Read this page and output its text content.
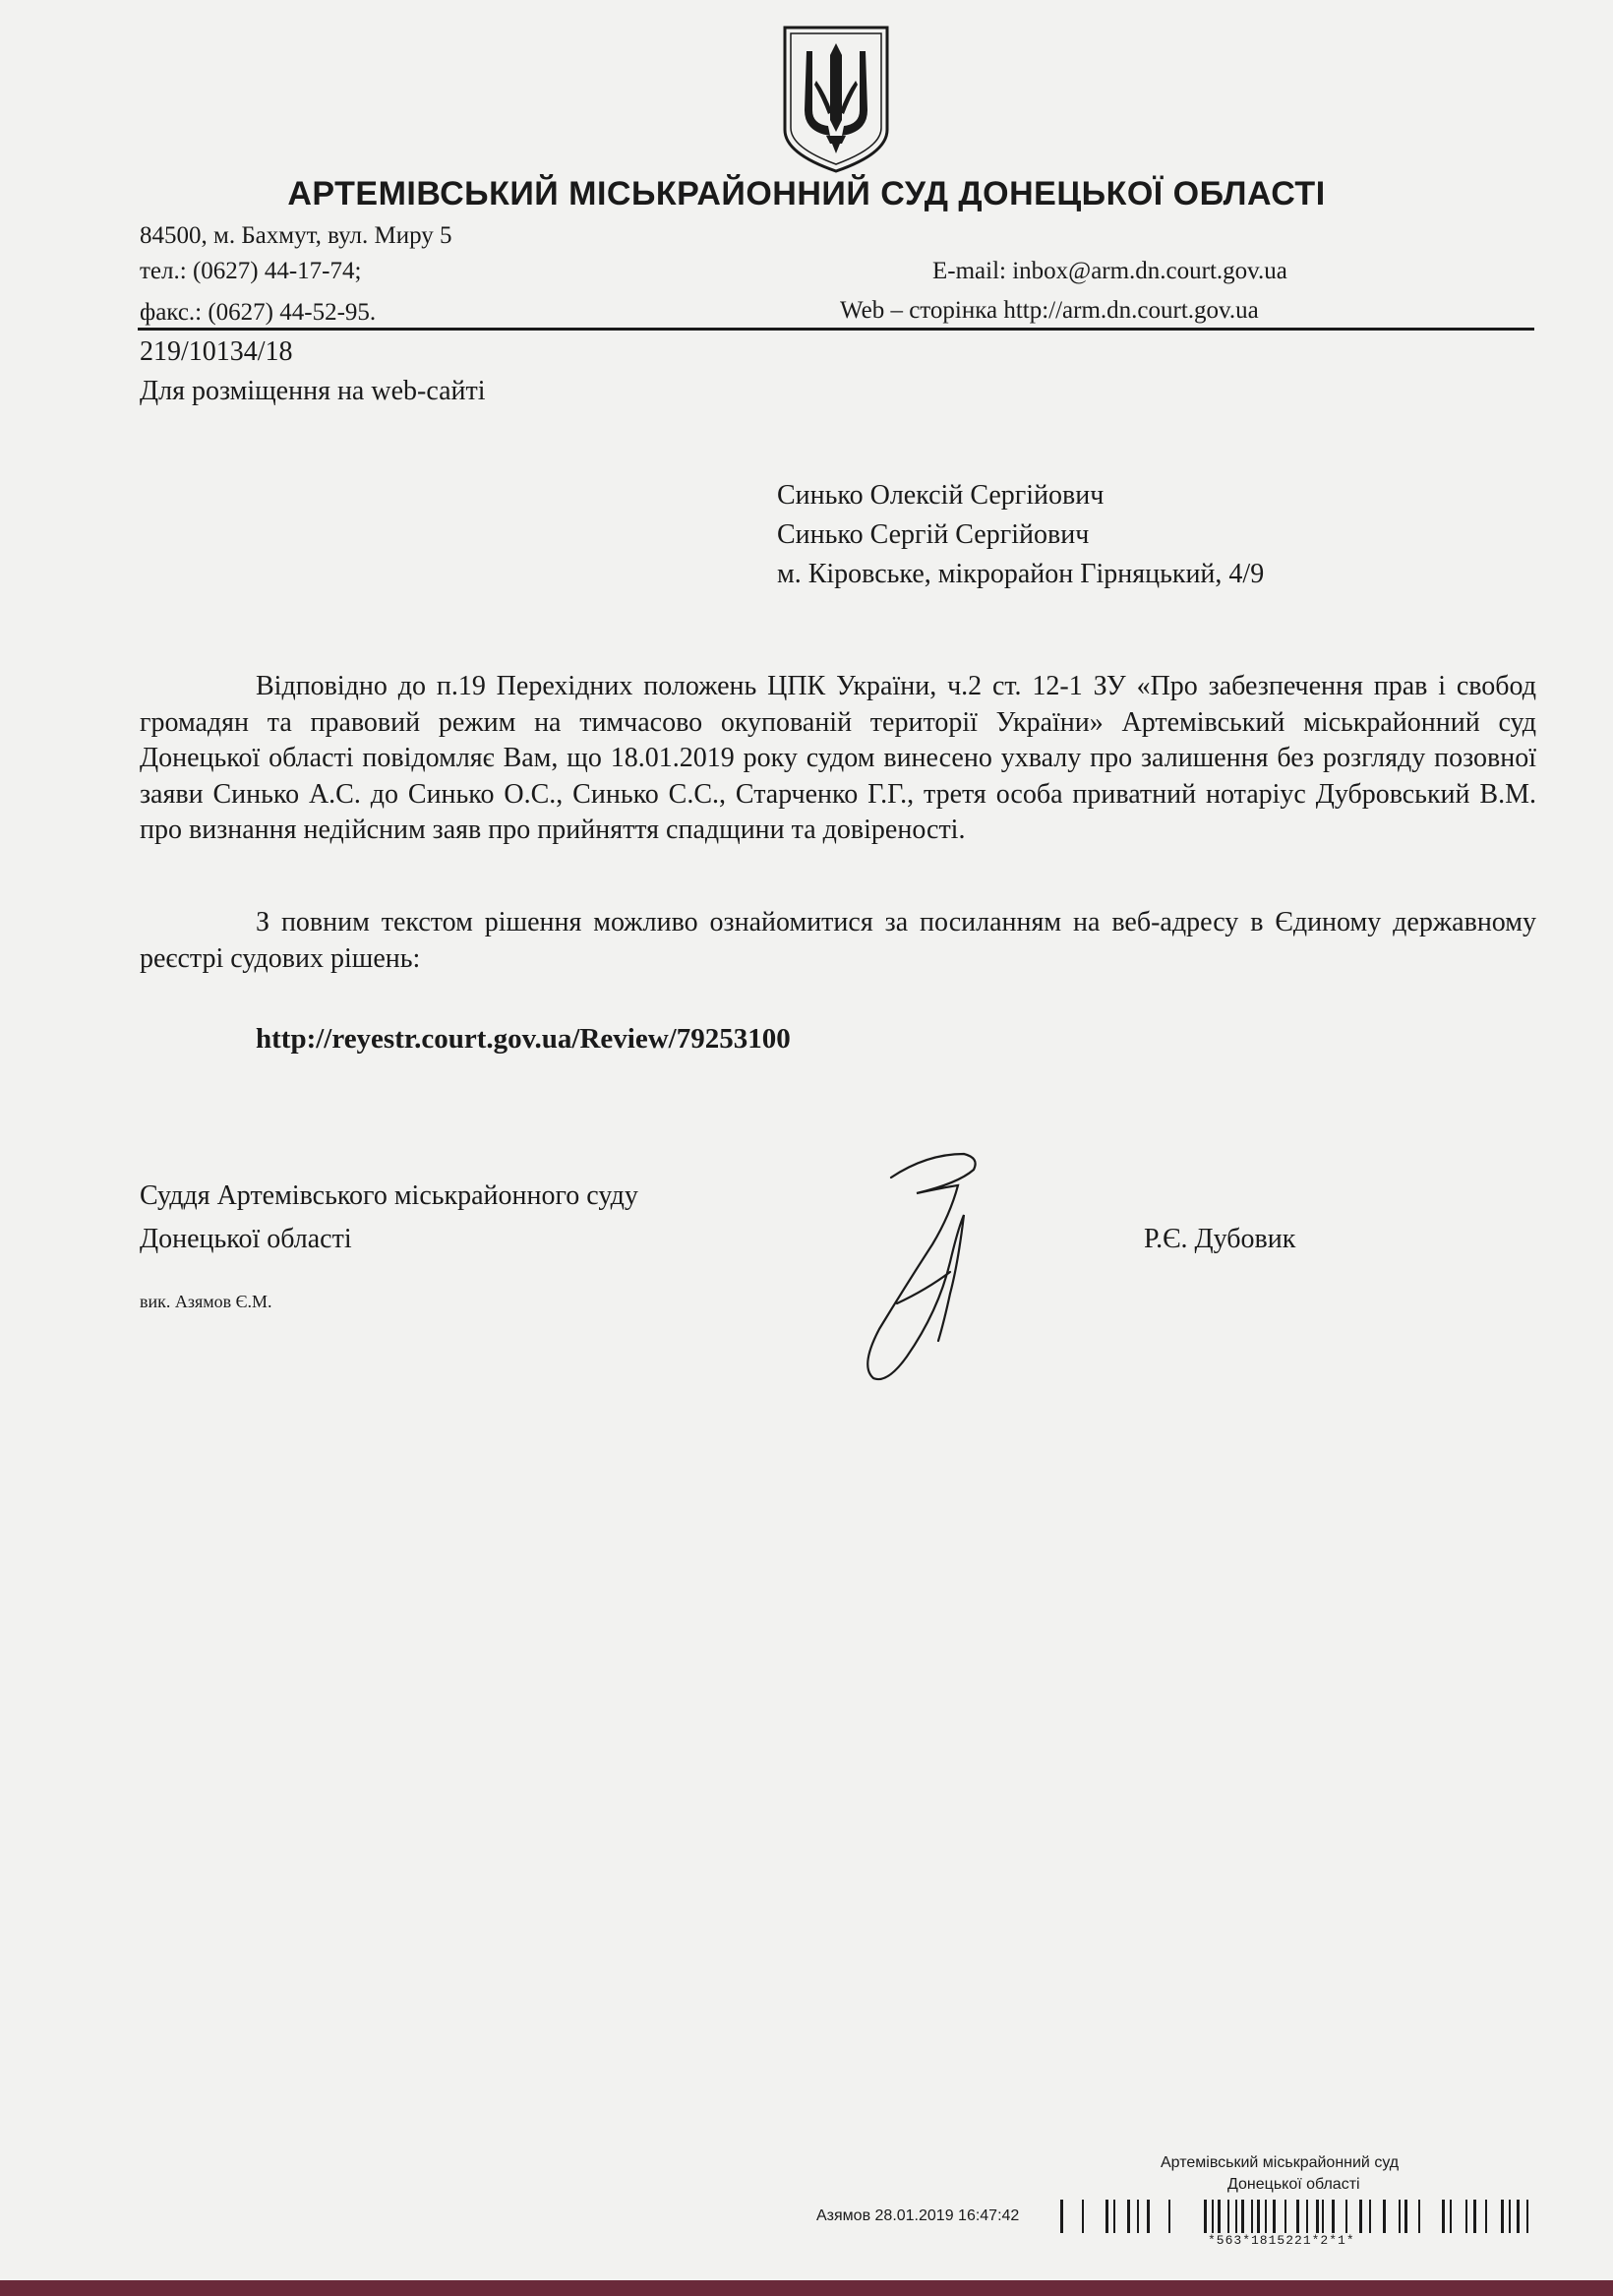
АРТЕМІВСЬКИЙ МІСЬКРАЙОННИЙ СУД ДОНЕЦЬКОЇ ОБЛАСТІ
84500, м. Бахмут, вул. Миру 5
тел.: (0627) 44-17-74;	E-mail: inbox@arm.dn.court.gov.ua
факс.: (0627) 44-52-95.	Web – сторінка http://arm.dn.court.gov.ua
219/10134/18
Для розміщення на web-сайті
Синько Олексій Сергійович
Синько Сергій Сергійович
м. Кіровське, мікрорайон Гірняцький, 4/9
Відповідно до п.19 Перехідних положень ЦПК України, ч.2 ст. 12-1 ЗУ «Про забезпечення прав і свобод громадян та правовий режим на тимчасово окупованій території України» Артемівський міськрайонний суд Донецької області повідомляє Вам, що 18.01.2019 року судом винесено ухвалу про залишення без розгляду позовної заяви Синько А.С. до Синько О.С., Синько С.С., Старченко Г.Г., третя особа приватний нотаріус Дубровський В.М. про визнання недійсним заяв про прийняття спадщини та довіреності.
З повним текстом рішення можливо ознайомитися за посиланням на веб-адресу в Єдиному державному реєстрі судових рішень:
http://reyestr.court.gov.ua/Review/79253100
Суддя Артемівського міськрайонного суду
Донецької області	Р.Є. Дубовик
вик. Азямов Є.М.
Артемівський міськрайонний суд
Донецької області
Азямов 28.01.2019 16:47:42
*563*1815221*2*1*
